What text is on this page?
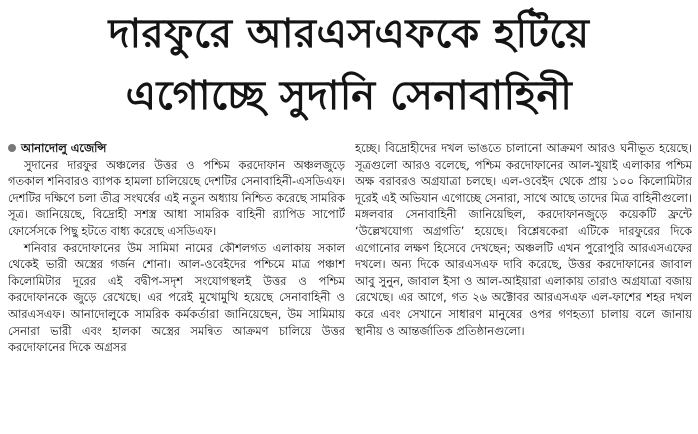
দারফুরে আরএসএফকে হটিয়ে
এগোচ্ছে সুদানি সেনাবাহিনী
আনাদোলু এজেন্সি

সুদানের দারফুর অঞ্চলের উত্তর ও পশ্চিম করদোফান অঞ্চলজুড়ে গতকাল শনিবারও ব্যাপক হামলা চালিয়েছে দেশটির সেনাবাহিনী-এসডিএফ। দেশটির দক্ষিণে চলা তীব্র সংঘর্ষের এই নতুন অধ্যায় নিশ্চিত করেছে সামরিক সূত্র। জানিয়েছে, বিদ্রোহী সশস্ত্র আধা সামরিক বাহিনী র‍্যাপিড সাপোর্ট ফোর্সেসকে পিছু হটতে বাধ্য করেছে এসডিএফ।

শনিবার করদোফানের উম সামিমা নামের কৌশলগত এলাকায় সকাল থেকেই ভারী অস্ত্রের গর্জন শোনা। আল-ওবেইদের পশ্চিমে মাত্র পঞ্চাশ কিলোমিটার দূরের এই বদ্বীপ-সদৃশ সংযোগস্থলই উত্তর ও পশ্চিম করদোফানকে জুড়ে রেখেছে। এর পরেই মুখোমুখি হয়েছে সেনাবাহিনী ও আরএসএফ। আনাদোলুকে সামরিক কর্মকর্তারা জানিয়েছেন, উম সামিমায় সেনারা ভারী এবং হালকা অস্ত্রের সমন্বিত আক্রমণ চালিয়ে উত্তর করদোফানের দিকে অগ্রসর

হচ্ছে। বিদ্রোহীদের দখল ভাঙতে চালানো আক্রমণ আরও ঘনীভূত হয়েছে। সূত্রগুলো আরও বলেছে, পশ্চিম করদোফানের আল-খুয়াই এলাকার পশ্চিম অক্ষ বরাবরও অগ্রযাত্রা চলছে। এল-ওবেইদ থেকে প্রায় ১০০ কিলোমিটার দূরেই এই অভিযান এগোচ্ছে সেনারা, সাথে আছে তাদের মিত্র বাহিনীগুলো। মঙ্গলবার সেনাবাহিনী জানিয়েছিল, করদোফানজুড়ে কয়েকটি ফ্রন্টে ‘উল্লেখযোগ্য অগ্রগতি’ হয়েছে। বিশ্লেষকেরা এটিকে দারফুরের দিকে এগোনোর লক্ষণ হিসেবে দেখছেন; অঞ্চলটি এখন পুরোপুরি আরএসএফের দখলে। অন্য দিকে আরএসএফ দাবি করেছে, উত্তর করদোফানের জাবাল আবু সুনুন, জাবাল ইসা ও আল-আইয়ারা এলাকায় তারাও অগ্রযাত্রা বজায় রেখেছে। এর আগে, গত ২৬ অক্টোবর আরএসএফ এল-ফাশের শহর দখল করে এবং সেখানে সাধারণ মানুষের ওপর গণহত্যা চালায় বলে জানায় স্থানীয় ও আন্তর্জাতিক প্রতিষ্ঠানগুলো।
